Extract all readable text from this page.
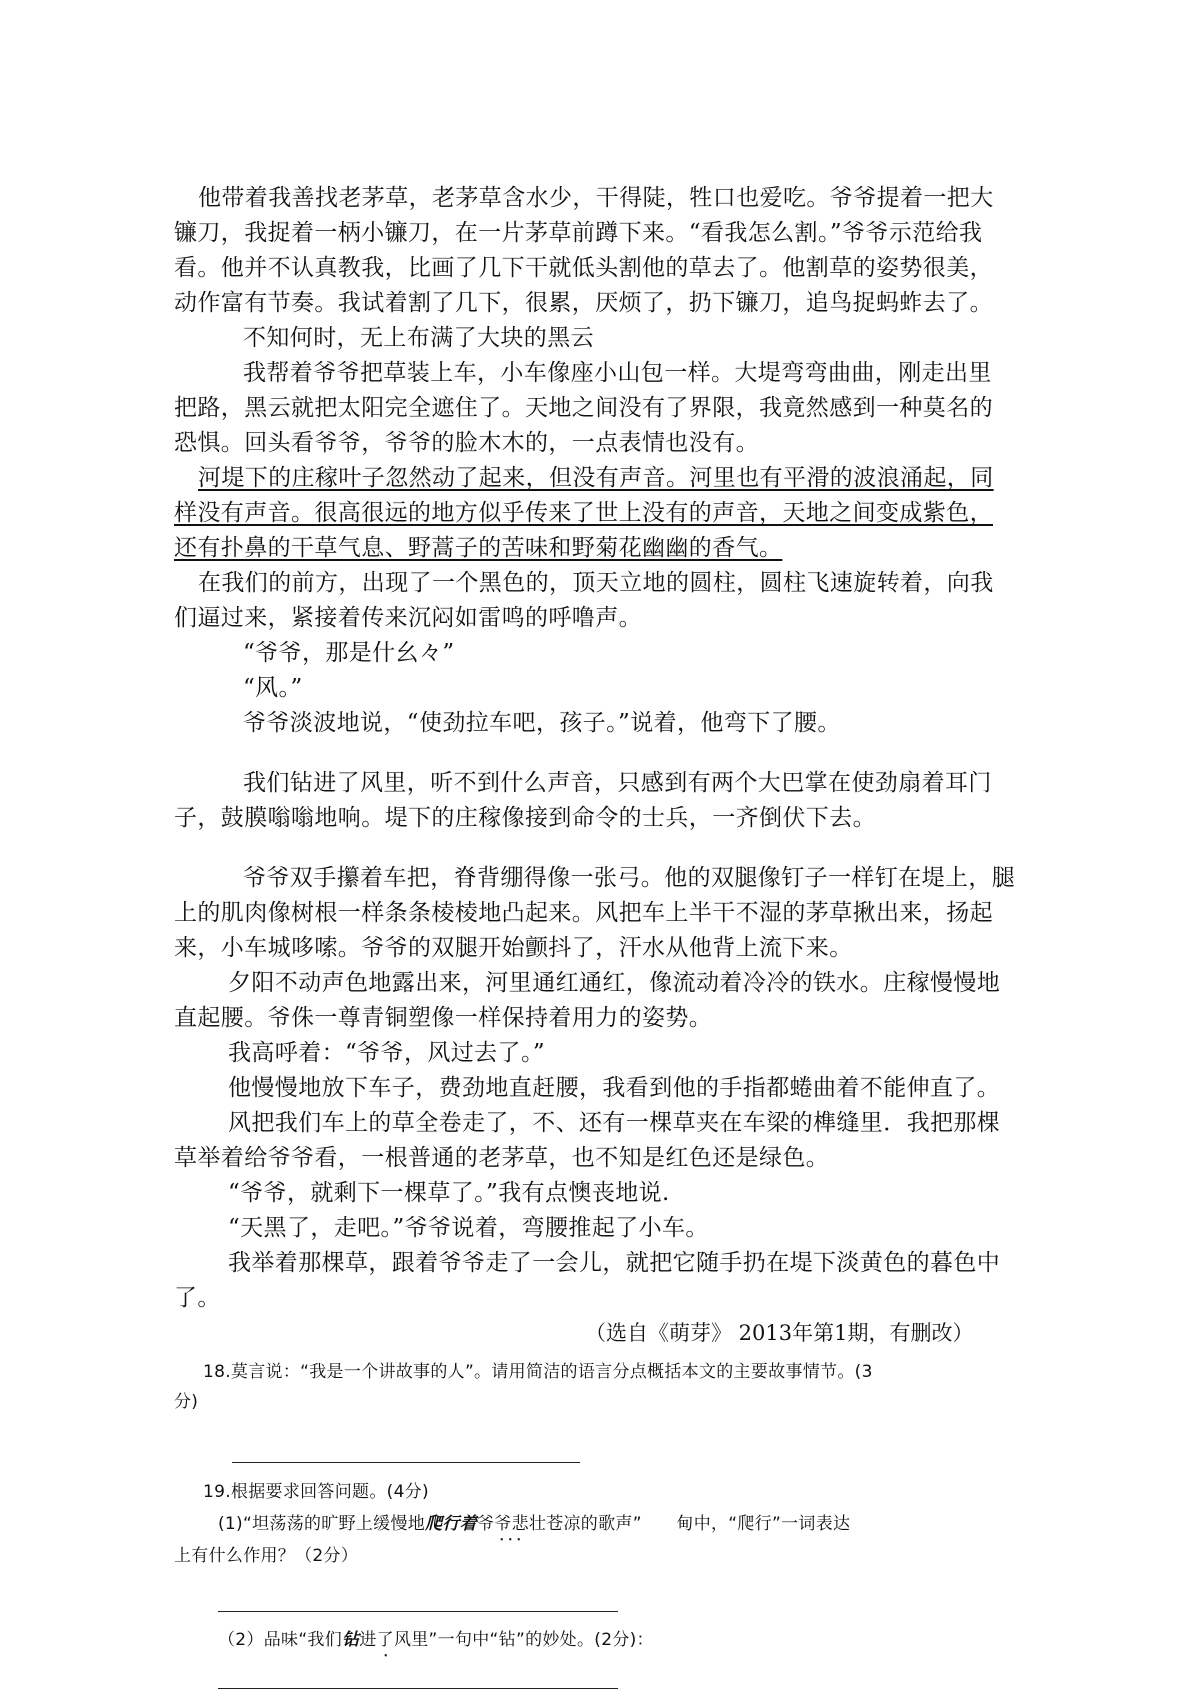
他带着我善找老茅草，老茅草含水少，干得陡，牲口也爱吃。爷爷提着一把大
镰刀，我捉着一柄小镰刀，在一片茅草前蹲下来。“看我怎么割。”爷爷示范给我
看。他并不认真教我，比画了几下干就低头割他的草去了。他割草的姿势很美，
动作富有节奏。我试着割了几下，很累，厌烦了，扔下镰刀，追鸟捉蚂蚱去了。
不知何时，无上布满了大块的黑云
我帮着爷爷把草装上车，小车像座小山包一样。大堤弯弯曲曲，刚走出里
把路，黑云就把太阳完全遮住了。天地之间没有了界限，我竟然感到一种莫名的
恐惧。回头看爷爷，爷爷的脸木木的，一点表情也没有。
河堤下的庄稼叶子忽然动了起来，但没有声音。河里也有平滑的波浪涌起，同
样没有声音。很高很远的地方似乎传来了世上没有的声音，天地之间变成紫色，
还有扑鼻的干草气息、野蒿子的苦味和野菊花幽幽的香气。
在我们的前方，出现了一个黑色的，顶天立地的圆柱，圆柱飞速旋转着，向我
们逼过来，紧接着传来沉闷如雷鸣的呼噜声。
“爷爷，那是什幺々”
“风。”
爷爷淡波地说，“使劲拉车吧，孩子。”说着，他弯下了腰。
我们钻进了风里，听不到什么声音，只感到有两个大巴掌在使劲扇着耳门
子，鼓膜嗡嗡地响。堤下的庄稼像接到命令的士兵，一齐倒伏下去。
爷爷双手攥着车把，脊背绷得像一张弓。他的双腿像钉子一样钉在堤上，腿
上的肌肉像树根一样条条棱棱地凸起来。风把车上半干不湿的茅草揪出来，扬起
来，小车城哆嗦。爷爷的双腿开始颤抖了，汗水从他背上流下来。
夕阳不动声色地露出来，河里通红通红，像流动着冷冷的铁水。庄稼慢慢地
直起腰。爷侏一尊青铜塑像一样保持着用力的姿势。
我高呼着：“爷爷，风过去了。”
他慢慢地放下车子，费劲地直赶腰，我看到他的手指都蜷曲着不能伸直了。
风把我们车上的草全卷走了，不、还有一棵草夹在车梁的榫缝里．我把那棵
草举着给爷爷看，一根普通的老茅草，也不知是红色还是绿色。
“爷爷，就剩下一棵草了。”我有点懊丧地说.
“天黑了，走吧。”爷爷说着，弯腰推起了小车。
我举着那棵草，跟着爷爷走了一会儿，就把它随手扔在堤下淡黄色的暮色中
了。
（选自《萌芽》 2013年第1期，有删改）
18.莫言说：“我是一个讲故事的人”。请用简洁的语言分点概括本文的主要故事情节。(3
分)
19.根据要求回答问题。(4分)
(1)“坦荡荡的旷野上缓慢地爬行着爷爷悲壮苍凉的歌声”　　甸中，“爬行”一词表达
•••
上有什么作用？（2分）
（2）品味“我们钻进了风里”一句中“钻”的妙处。(2分)：
•
